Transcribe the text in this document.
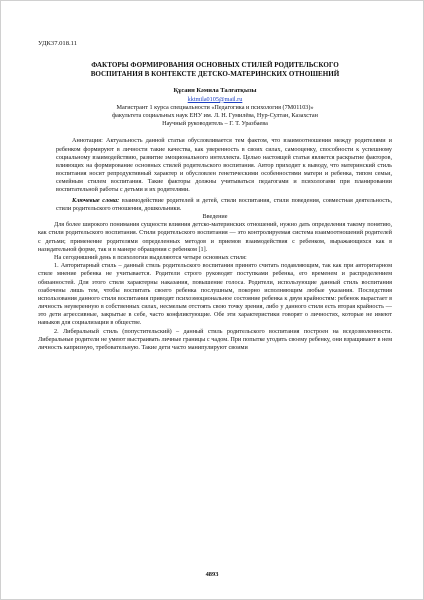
УДК37.018.11

ФАКТОРЫ ФОРМИРОВАНИЯ ОСНОВНЫХ СТИЛЕЙ РОДИТЕЛЬСКОГО
ВОСПИТАНИЯ В КОНТЕКСТЕ ДЕТСКО-МАТЕРИНСКИХ ОТНОШЕНИЙ

Құсаин Кәмила Талғатқызы

kktmila0105@mail.ru

Магистрант 1 курса специальности «Педагогика и психология (7М01103)»

факультета социальных наук ЕНУ им. Л. Н. Гумилёва, Нур-Султан, Казахстан

Научный руководитель – Г. Т. Уразбаева

Аннотация: Актуальность данной статьи обусловливается тем фактом, что взаимоотношения между родителями и ребенком формируют в личности такие качества, как уверенность в своих силах, самооценку, способности к успешному социальному взаимодействию, развитие эмоционального интеллекта. Целью настоящей статьи является раскрытие факторов, влияющих на формирование основных стилей родительского воспитания. Автор приходит к выводу, что материнский стиль воспитания носит репродуктивный характер и обусловлен генетическими особенностями матери и ребенка, типом семьи, семейным стилем воспитания. Такие факторы должны учитываться педагогами и психологами при планировании воспитательной работы с детьми и их родителями.

Ключевые слова: взаимодействие родителей и детей, стили воспитания, стили поведения, совместная деятельность, стили родительского отношения, дошкольники.

Введение

Для более широкого понимания сущности влияния детско-материнских отношений, нужно дать определения такому понятию, как стили родительского воспитания. Стили родительского воспитания — это контролируемая система взаимоотношений родителей с детьми; применение родителями определенных методов и приемов взаимодействия с ребенком, выражающихся как в назидательной форме, так и в манере обращения с ребенком [1].

На сегодняшний день в психологии выделяются четыре основных стиля:

1. Авторитарный стиль – данный стиль родительского воспитания принято считать подавляющим, так как при авторитарном стиле мнение ребенка не учитывается. Родители строго руководят поступками ребенка, его временем и распределением обязанностей. Для этого стиля характерны наказания, повышение голоса. Родители, использующие данный стиль воспитания озабочены лишь тем, чтобы воспитать своего ребенка послушным, покорно исполняющим любые указания. Последствия использования данного стиля воспитания приводят психоэмоциональное состояние ребенка к двум крайностям: ребенок вырастает в личность неуверенную в собственных силах, несмелым отстоять свою точку зрения, либо у данного стиля есть вторая крайность — это дети агрессивные, закрытые в себе, часто конфликтующие. Обе эти характеристики говорят о личностях, которые не имеют навыков для социализации в обществе.

2. Либеральный стиль (попустительский) – данный стиль родительского воспитания построен на вседозволенности. Либеральные родители не умеют выстраивать личные границы с чадом. При попытке угодить своему ребенку, они взращивают в нем личность капризную, требовательную. Такие дети часто манипулируют своими

4893
